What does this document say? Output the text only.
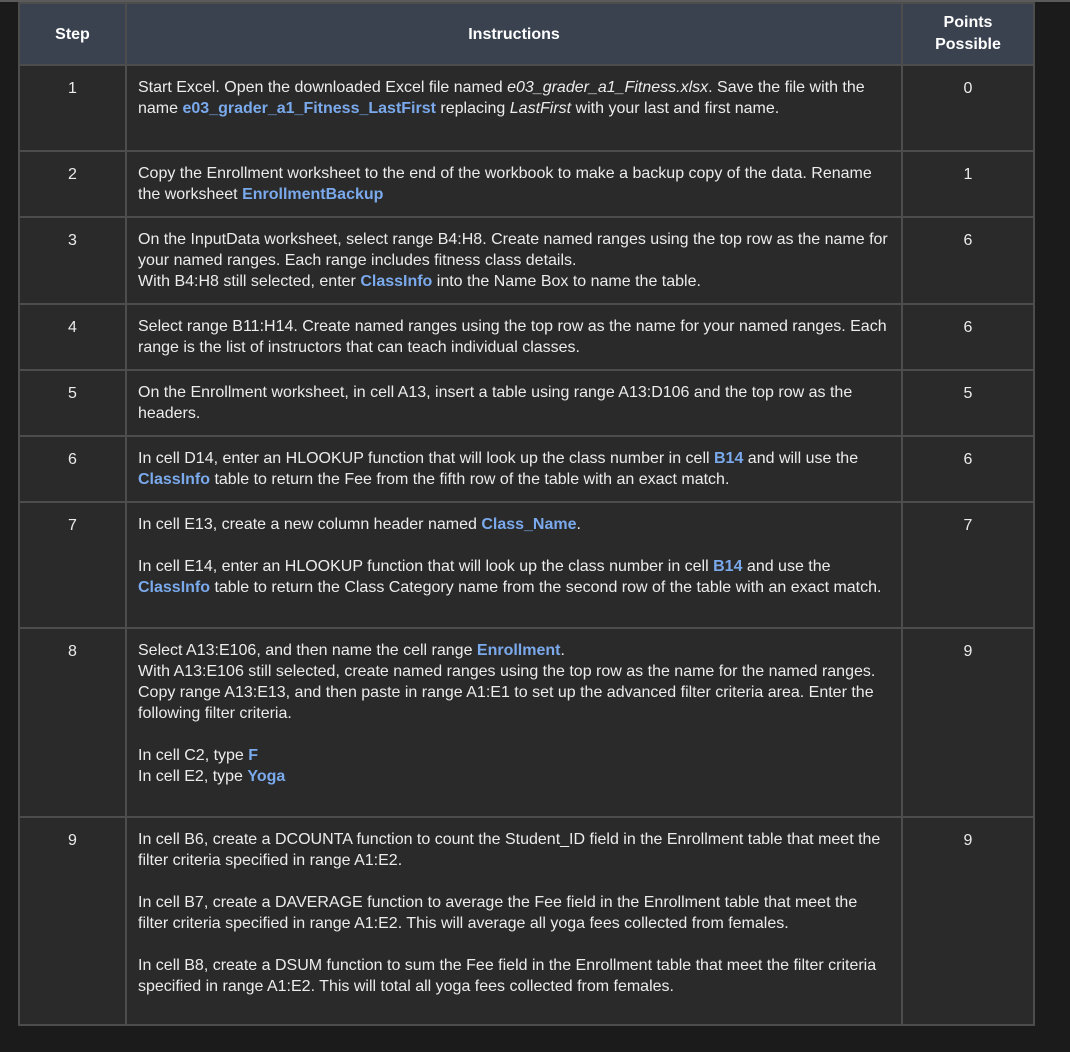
Step	Instructions	Points
Possible
1	Start Excel. Open the downloaded Excel file named e03_grader_a1_Fitness.xlsx. Save the file with the name e03_grader_a1_Fitness_LastFirst replacing LastFirst with your last and first name.	0
2	Copy the Enrollment worksheet to the end of the workbook to make a backup copy of the data. Rename the worksheet EnrollmentBackup	1
3	On the InputData worksheet, select range B4:H8. Create named ranges using the top row as the name for your named ranges. Each range includes fitness class details.

With B4:H8 still selected, enter ClassInfo into the Name Box to name the table.	6
4	Select range B11:H14. Create named ranges using the top row as the name for your named ranges. Each range is the list of instructors that can teach individual classes.	6
5	On the Enrollment worksheet, in cell A13, insert a table using range A13:D106 and the top row as the headers.	5
6	In cell D14, enter an HLOOKUP function that will look up the class number in cell B14 and will use the ClassInfo table to return the Fee from the fifth row of the table with an exact match.	6
7	In cell E13, create a new column header named Class_Name.

In cell E14, enter an HLOOKUP function that will look up the class number in cell B14 and use the ClassInfo table to return the Class Category name from the second row of the table with an exact match.	7
8	Select A13:E106, and then name the cell range Enrollment.

With A13:E106 still selected, create named ranges using the top row as the name for the named ranges.

Copy range A13:E13, and then paste in range A1:E1 to set up the advanced filter criteria area. Enter the following filter criteria.

In cell C2, type F

In cell E2, type Yoga	9
9	In cell B6, create a DCOUNTA function to count the Student_ID field in the Enrollment table that meet the filter criteria specified in range A1:E2.

In cell B7, create a DAVERAGE function to average the Fee field in the Enrollment table that meet the filter criteria specified in range A1:E2. This will average all yoga fees collected from females.

In cell B8, create a DSUM function to sum the Fee field in the Enrollment table that meet the filter criteria specified in range A1:E2. This will total all yoga fees collected from females.	9
